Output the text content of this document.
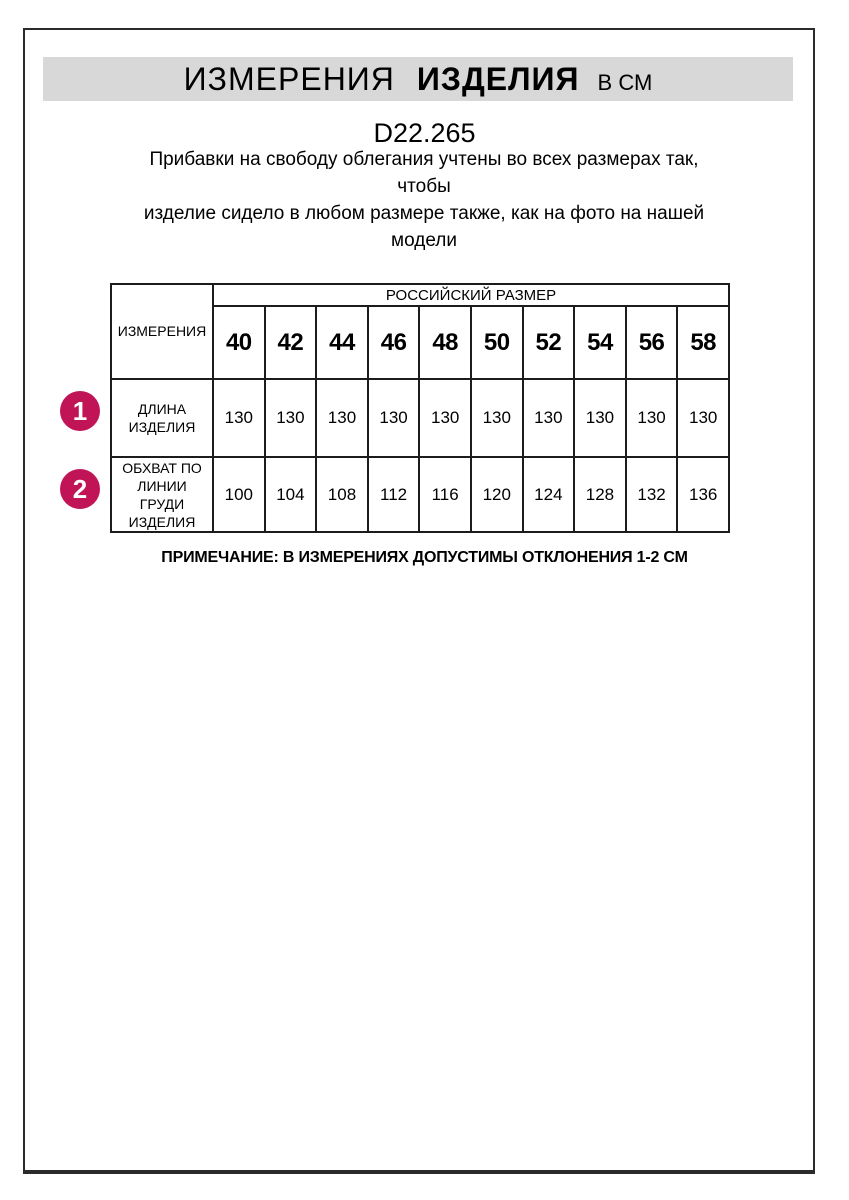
ИЗМЕРЕНИЯ ИЗДЕЛИЯ В СМ
D22.265
Прибавки на свободу облегания учтены во всех размерах так, чтобы
изделие сидело в любом размере также, как на фото на нашей
модели
1
2
ИЗМЕРЕНИЯ	РОССИЙСКИЙ РАЗМЕР									
	40	42	44	46	48	50	52	54	56	58
ДЛИНА ИЗДЕЛИЯ	130	130	130	130	130	130	130	130	130	130
ОБХВАТ ПО ЛИНИИ ГРУДИ ИЗДЕЛИЯ	100	104	108	112	116	120	124	128	132	136
ПРИМЕЧАНИЕ: В ИЗМЕРЕНИЯХ ДОПУСТИМЫ ОТКЛОНЕНИЯ 1-2 СМ
